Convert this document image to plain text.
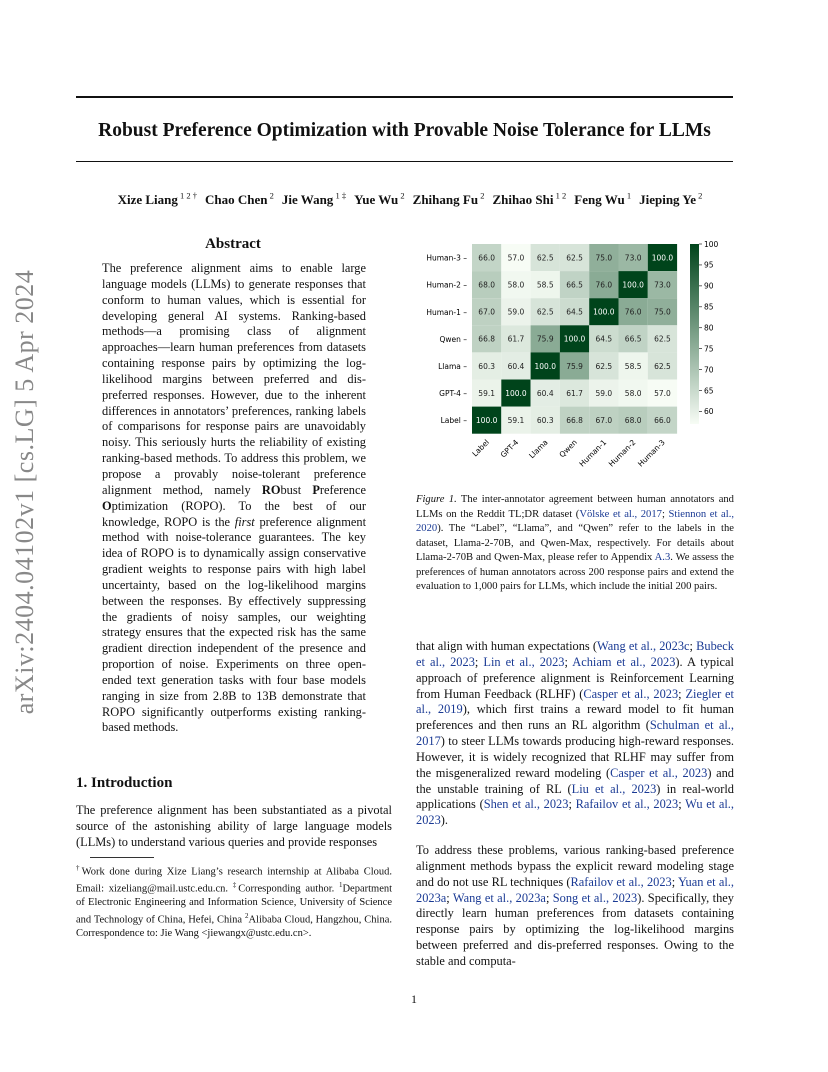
Robust Preference Optimization with Provable Noise Tolerance for LLMs
Xize Liang $^{1 2 \dagger}$ Chao Chen $^2$ Jie Wang $^{1 \ddagger}$ Yue Wu $^2$ Zhihang Fu $^2$ Zhihao Shi $^{1 2}$ Feng Wu $^1$ Jieping Ye $^2$
arXiv:2404.04102v1 [cs.LG] 5 Apr 2024
Abstract
The preference alignment aims to enable large language models (LLMs) to generate responses that conform to human values, which is essential for developing general AI systems. Ranking-based methods—a promising class of alignment approaches—learn human preferences from datasets containing response pairs by optimizing the log-likelihood margins between preferred and dis-preferred responses. However, due to the inherent differences in annotators’ preferences, ranking labels of comparisons for response pairs are unavoidably noisy. This seriously hurts the reliability of existing ranking-based methods. To address this problem, we propose a provably noise-tolerant preference alignment method, namely RObust Preference Optimization (ROPO). To the best of our knowledge, ROPO is the first preference alignment method with noise-tolerance guarantees. The key idea of ROPO is to dynamically assign conservative gradient weights to response pairs with high label uncertainty, based on the log-likelihood margins between the responses. By effectively suppressing the gradients of noisy samples, our weighting strategy ensures that the expected risk has the same gradient direction independent of the presence and proportion of noise. Experiments on three open-ended text generation tasks with four base models ranging in size from 2.8B to 13B demonstrate that ROPO significantly outperforms existing ranking-based methods.
1. Introduction
The preference alignment has been substantiated as a pivotal source of the astonishing ability of large language models (LLMs) to understand various queries and provide responses
†Work done during Xize Liang’s research internship at Alibaba Cloud. Email: xizeliang@mail.ustc.edu.cn. ‡Corresponding author. $^1$Department of Electronic Engineering and Information Science, University of Science and Technology of China, Hefei, China $^2$Alibaba Cloud, Hangzhou, China. Correspondence to: Jie Wang <jiewangx@ustc.edu.cn>.
Human-3 – 66.0 57.0 62.5 62.5 75.0 73.0 100.0
Human-2 – 68.0 58.0 58.5 66.5 76.0 100.0 73.0
Human-1 – 67.0 59.0 62.5 64.5 100.0 76.0 75.0
Qwen – 66.8 61.7 75.9 100.0 64.5 66.5 62.5
Llama – 60.3 60.4 100.0 75.9 62.5 58.5 62.5
GPT-4 – 59.1 100.0 60.4 61.7 59.0 58.0 57.0
Label – 100.0 59.1 60.3 66.8 67.0 68.0 66.0
Label GPT-4 Llama Qwen
Human-1
Human-2
Human-3
100
95
90
85
80
75
70
65
60
Figure 1. The inter-annotator agreement between human annotators and LLMs on the Reddit TL;DR dataset (Völske et al., 2017; Stiennon et al., 2020). The “Label”, “Llama”, and “Qwen” refer to the labels in the dataset, Llama-2-70B, and Qwen-Max, respectively. For details about Llama-2-70B and Qwen-Max, please refer to Appendix A.3. We assess the preferences of human annotators across 200 response pairs and extend the evaluation to 1,000 pairs for LLMs, which include the initial 200 pairs.
that align with human expectations (Wang et al., 2023c; Bubeck et al., 2023; Lin et al., 2023; Achiam et al., 2023). A typical approach of preference alignment is Reinforcement Learning from Human Feedback (RLHF) (Casper et al., 2023; Ziegler et al., 2019), which first trains a reward model to fit human preferences and then runs an RL algorithm (Schulman et al., 2017) to steer LLMs towards producing high-reward responses. However, it is widely recognized that RLHF may suffer from the misgeneralized reward modeling (Casper et al., 2023) and the unstable training of RL (Liu et al., 2023) in real-world applications (Shen et al., 2023; Rafailov et al., 2023; Wu et al., 2023).
To address these problems, various ranking-based preference alignment methods bypass the explicit reward modeling stage and do not use RL techniques (Rafailov et al., 2023; Yuan et al., 2023a; Wang et al., 2023a; Song et al., 2023). Specifically, they directly learn human preferences from datasets containing response pairs by optimizing the log-likelihood margins between preferred and dis-preferred responses. Owing to the stable and computa-
1
